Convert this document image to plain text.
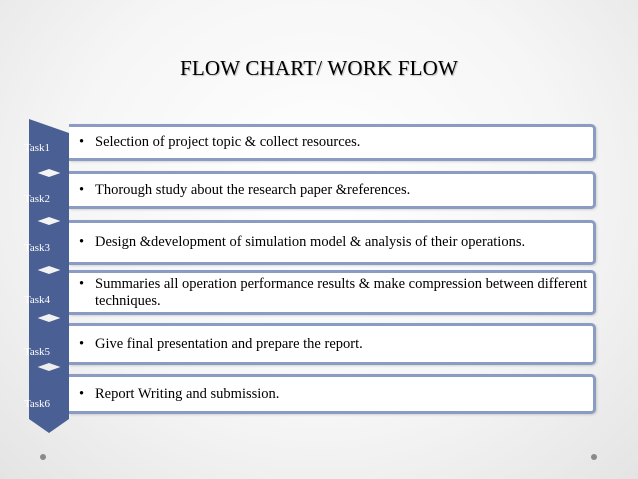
FLOW CHART/ WORK FLOW
Task1
Task2
Task3
Task4
Task5
Task6
• Selection of project topic & collect resources.
• Thorough study about the research paper &references.
• Design &development of simulation model & analysis of their operations.
• Summaries all operation performance results & make compression between different techniques.
• Give final presentation and prepare the report.
• Report Writing and submission.
